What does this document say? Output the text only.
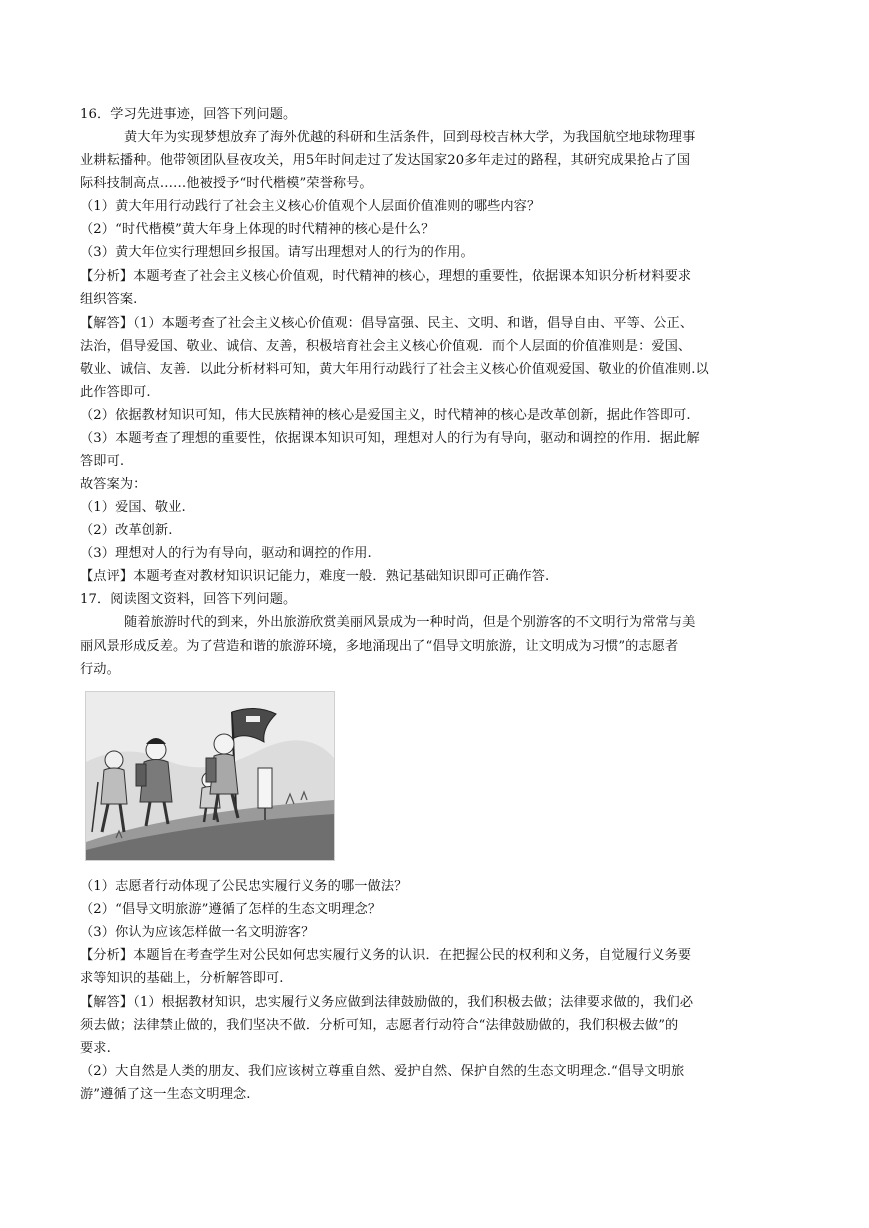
16．学习先进事迹，回答下列问题。
黄大年为实现梦想放弃了海外优越的科研和生活条件，回到母校吉林大学，为我国航空地球物理事
业耕耘播种。他带领团队昼夜攻关，用5年时间走过了发达国家20多年走过的路程，其研究成果抢占了国
际科技制高点……他被授予“时代楷模”荣誉称号。
（1）黄大年用行动践行了社会主义核心价值观个人层面价值准则的哪些内容？
（2）“时代楷模”黄大年身上体现的时代精神的核心是什么？
（3）黄大年位实行理想回乡报国。请写出理想对人的行为的作用。
【分析】本题考查了社会主义核心价值观，时代精神的核心，理想的重要性，依据课本知识分析材料要求
组织答案.
【解答】（1）本题考查了社会主义核心价值观：倡导富强、民主、文明、和谐，倡导自由、平等、公正、
法治，倡导爱国、敬业、诚信、友善，积极培育社会主义核心价值观．而个人层面的价值准则是：爱国、
敬业、诚信、友善．以此分析材料可知，黄大年用行动践行了社会主义核心价值观爱国、敬业的价值准则.以
此作答即可.
（2）依据教材知识可知，伟大民族精神的核心是爱国主义，时代精神的核心是改革创新，据此作答即可.
（3）本题考查了理想的重要性，依据课本知识可知，理想对人的行为有导向，驱动和调控的作用．据此解
答即可.
故答案为：
（1）爱国、敬业.
（2）改革创新.
（3）理想对人的行为有导向，驱动和调控的作用.
【点评】本题考查对教材知识识记能力，难度一般．熟记基础知识即可正确作答.
17．阅读图文资料，回答下列问题。
随着旅游时代的到来，外出旅游欣赏美丽风景成为一种时尚，但是个别游客的不文明行为常常与美
丽风景形成反差。为了营造和谐的旅游环境，多地涌现出了“倡导文明旅游，让文明成为习惯”的志愿者
行动。
（1）志愿者行动体现了公民忠实履行义务的哪一做法？
（2）“倡导文明旅游”遵循了怎样的生态文明理念？
（3）你认为应该怎样做一名文明游客？
【分析】本题旨在考查学生对公民如何忠实履行义务的认识．在把握公民的权利和义务，自觉履行义务要
求等知识的基础上，分析解答即可.
【解答】（1）根据教材知识，忠实履行义务应做到法律鼓励做的，我们积极去做；法律要求做的，我们必
须去做；法律禁止做的，我们坚决不做．分析可知，志愿者行动符合“法律鼓励做的，我们积极去做”的
要求.
（2）大自然是人类的朋友、我们应该树立尊重自然、爱护自然、保护自然的生态文明理念.“倡导文明旅
游”遵循了这一生态文明理念.
